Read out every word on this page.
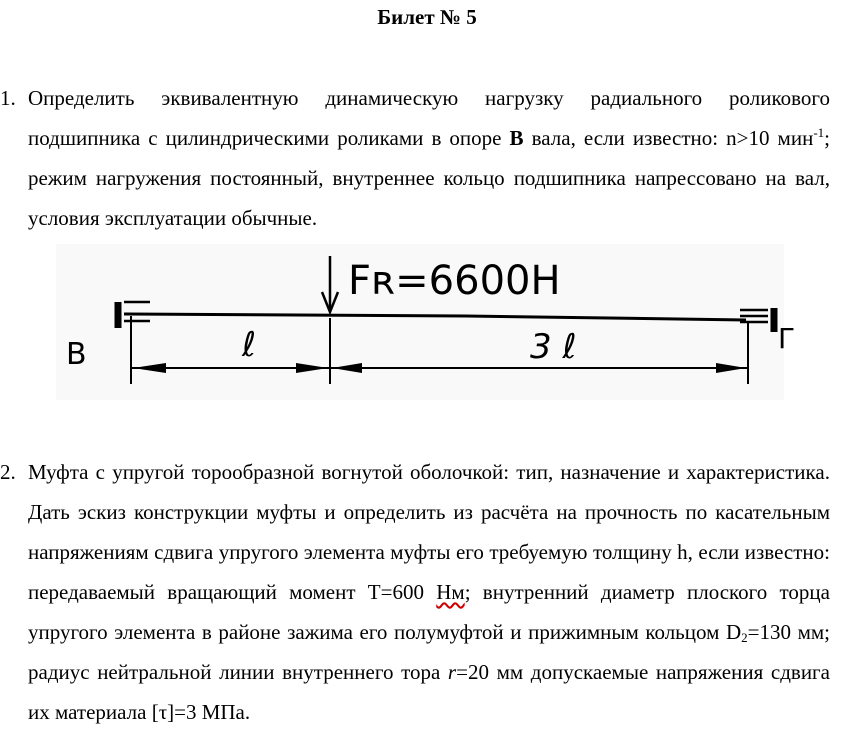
Билет № 5
1. Определить эквивалентную динамическую нагрузку радиального роликового подшипника с цилиндрическими роликами в опоре В вала, если известно: n>10 мин$^{-1}$; режим нагружения постоянный, внутреннее кольцо подшипника напрессовано на вал, условия эксплуатации обычные.
Fʀ=6600H
B	Γ
ℓ	3 ℓ
2. Муфта с упругой торообразной вогнутой оболочкой: тип, назначение и характеристика. Дать эскиз конструкции муфты и определить из расчёта на прочность по касательным напряжениям сдвига упругого элемента муфты его требуемую толщину h, если известно: передаваемый вращающий момент T=600 Нм; внутренний диаметр плоского торца упругого элемента в районе зажима его полумуфтой и прижимным кольцом $D_2=130$ мм; радиус нейтральной линии внутреннего тора r=20 мм допускаемые напряжения сдвига их материала [τ]=3 МПа.
